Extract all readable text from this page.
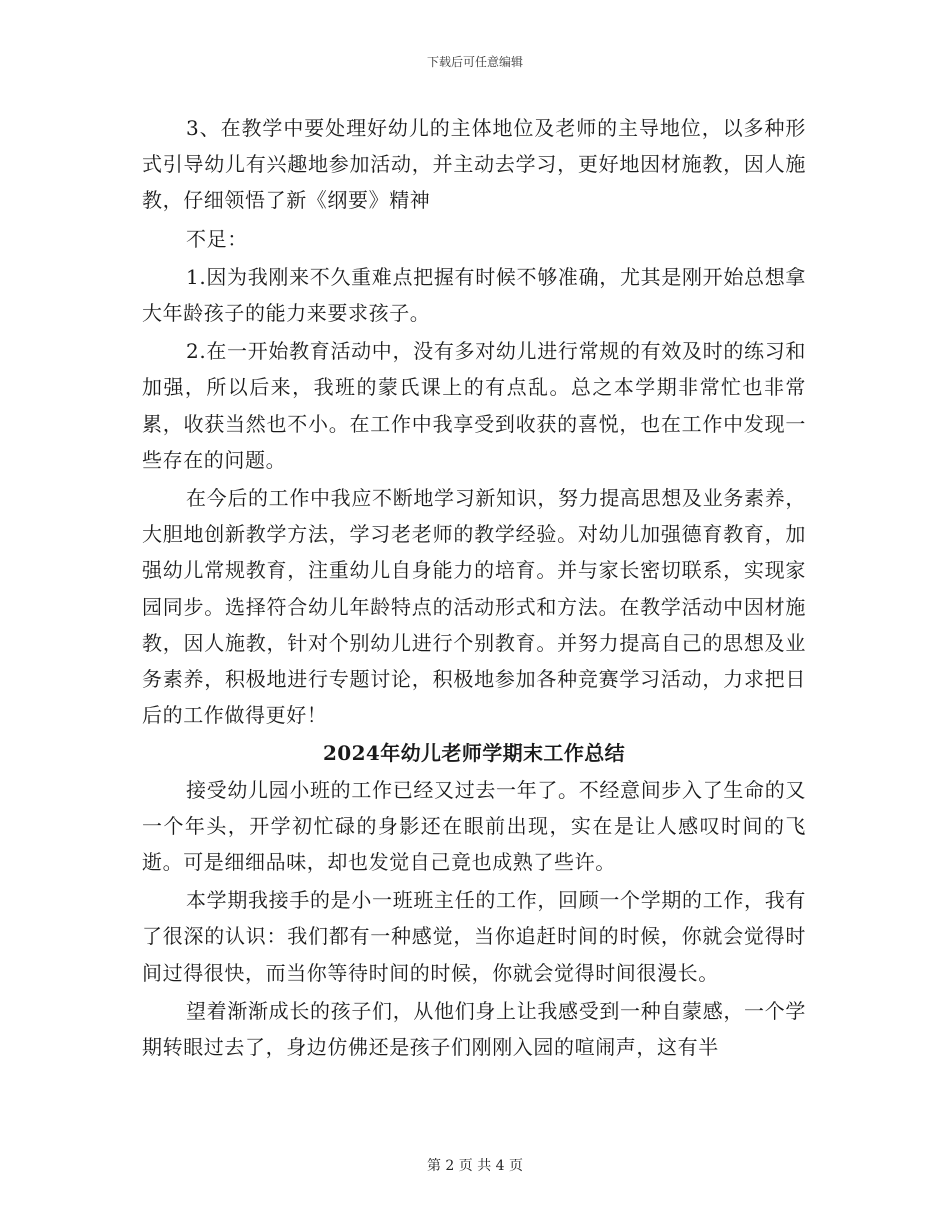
下载后可任意编辑

3、在教学中要处理好幼儿的主体地位及老师的主导地位，以多种形式引导幼儿有兴趣地参加活动，并主动去学习，更好地因材施教，因人施教，仔细领悟了新《纲要》精神

不足：

1.因为我刚来不久重难点把握有时候不够准确，尤其是刚开始总想拿大年龄孩子的能力来要求孩子。

2.在一开始教育活动中，没有多对幼儿进行常规的有效及时的练习和加强，所以后来，我班的蒙氏课上的有点乱。总之本学期非常忙也非常累，收获当然也不小。在工作中我享受到收获的喜悦，也在工作中发现一些存在的问题。

在今后的工作中我应不断地学习新知识，努力提高思想及业务素养，大胆地创新教学方法，学习老老师的教学经验。对幼儿加强德育教育，加强幼儿常规教育，注重幼儿自身能力的培育。并与家长密切联系，实现家园同步。选择符合幼儿年龄特点的活动形式和方法。在教学活动中因材施教，因人施教，针对个别幼儿进行个别教育。并努力提高自己的思想及业务素养，积极地进行专题讨论，积极地参加各种竞赛学习活动，力求把日后的工作做得更好！

2024年幼儿老师学期末工作总结

接受幼儿园小班的工作已经又过去一年了。不经意间步入了生命的又一个年头，开学初忙碌的身影还在眼前出现，实在是让人感叹时间的飞逝。可是细细品味，却也发觉自己竟也成熟了些许。

本学期我接手的是小一班班主任的工作，回顾一个学期的工作，我有了很深的认识：我们都有一种感觉，当你追赶时间的时候，你就会觉得时间过得很快，而当你等待时间的时候，你就会觉得时间很漫长。

望着渐渐成长的孩子们，从他们身上让我感受到一种自蒙感，一个学期转眼过去了，身边仿佛还是孩子们刚刚入园的喧闹声，这有半

第 2 页 共 4 页
